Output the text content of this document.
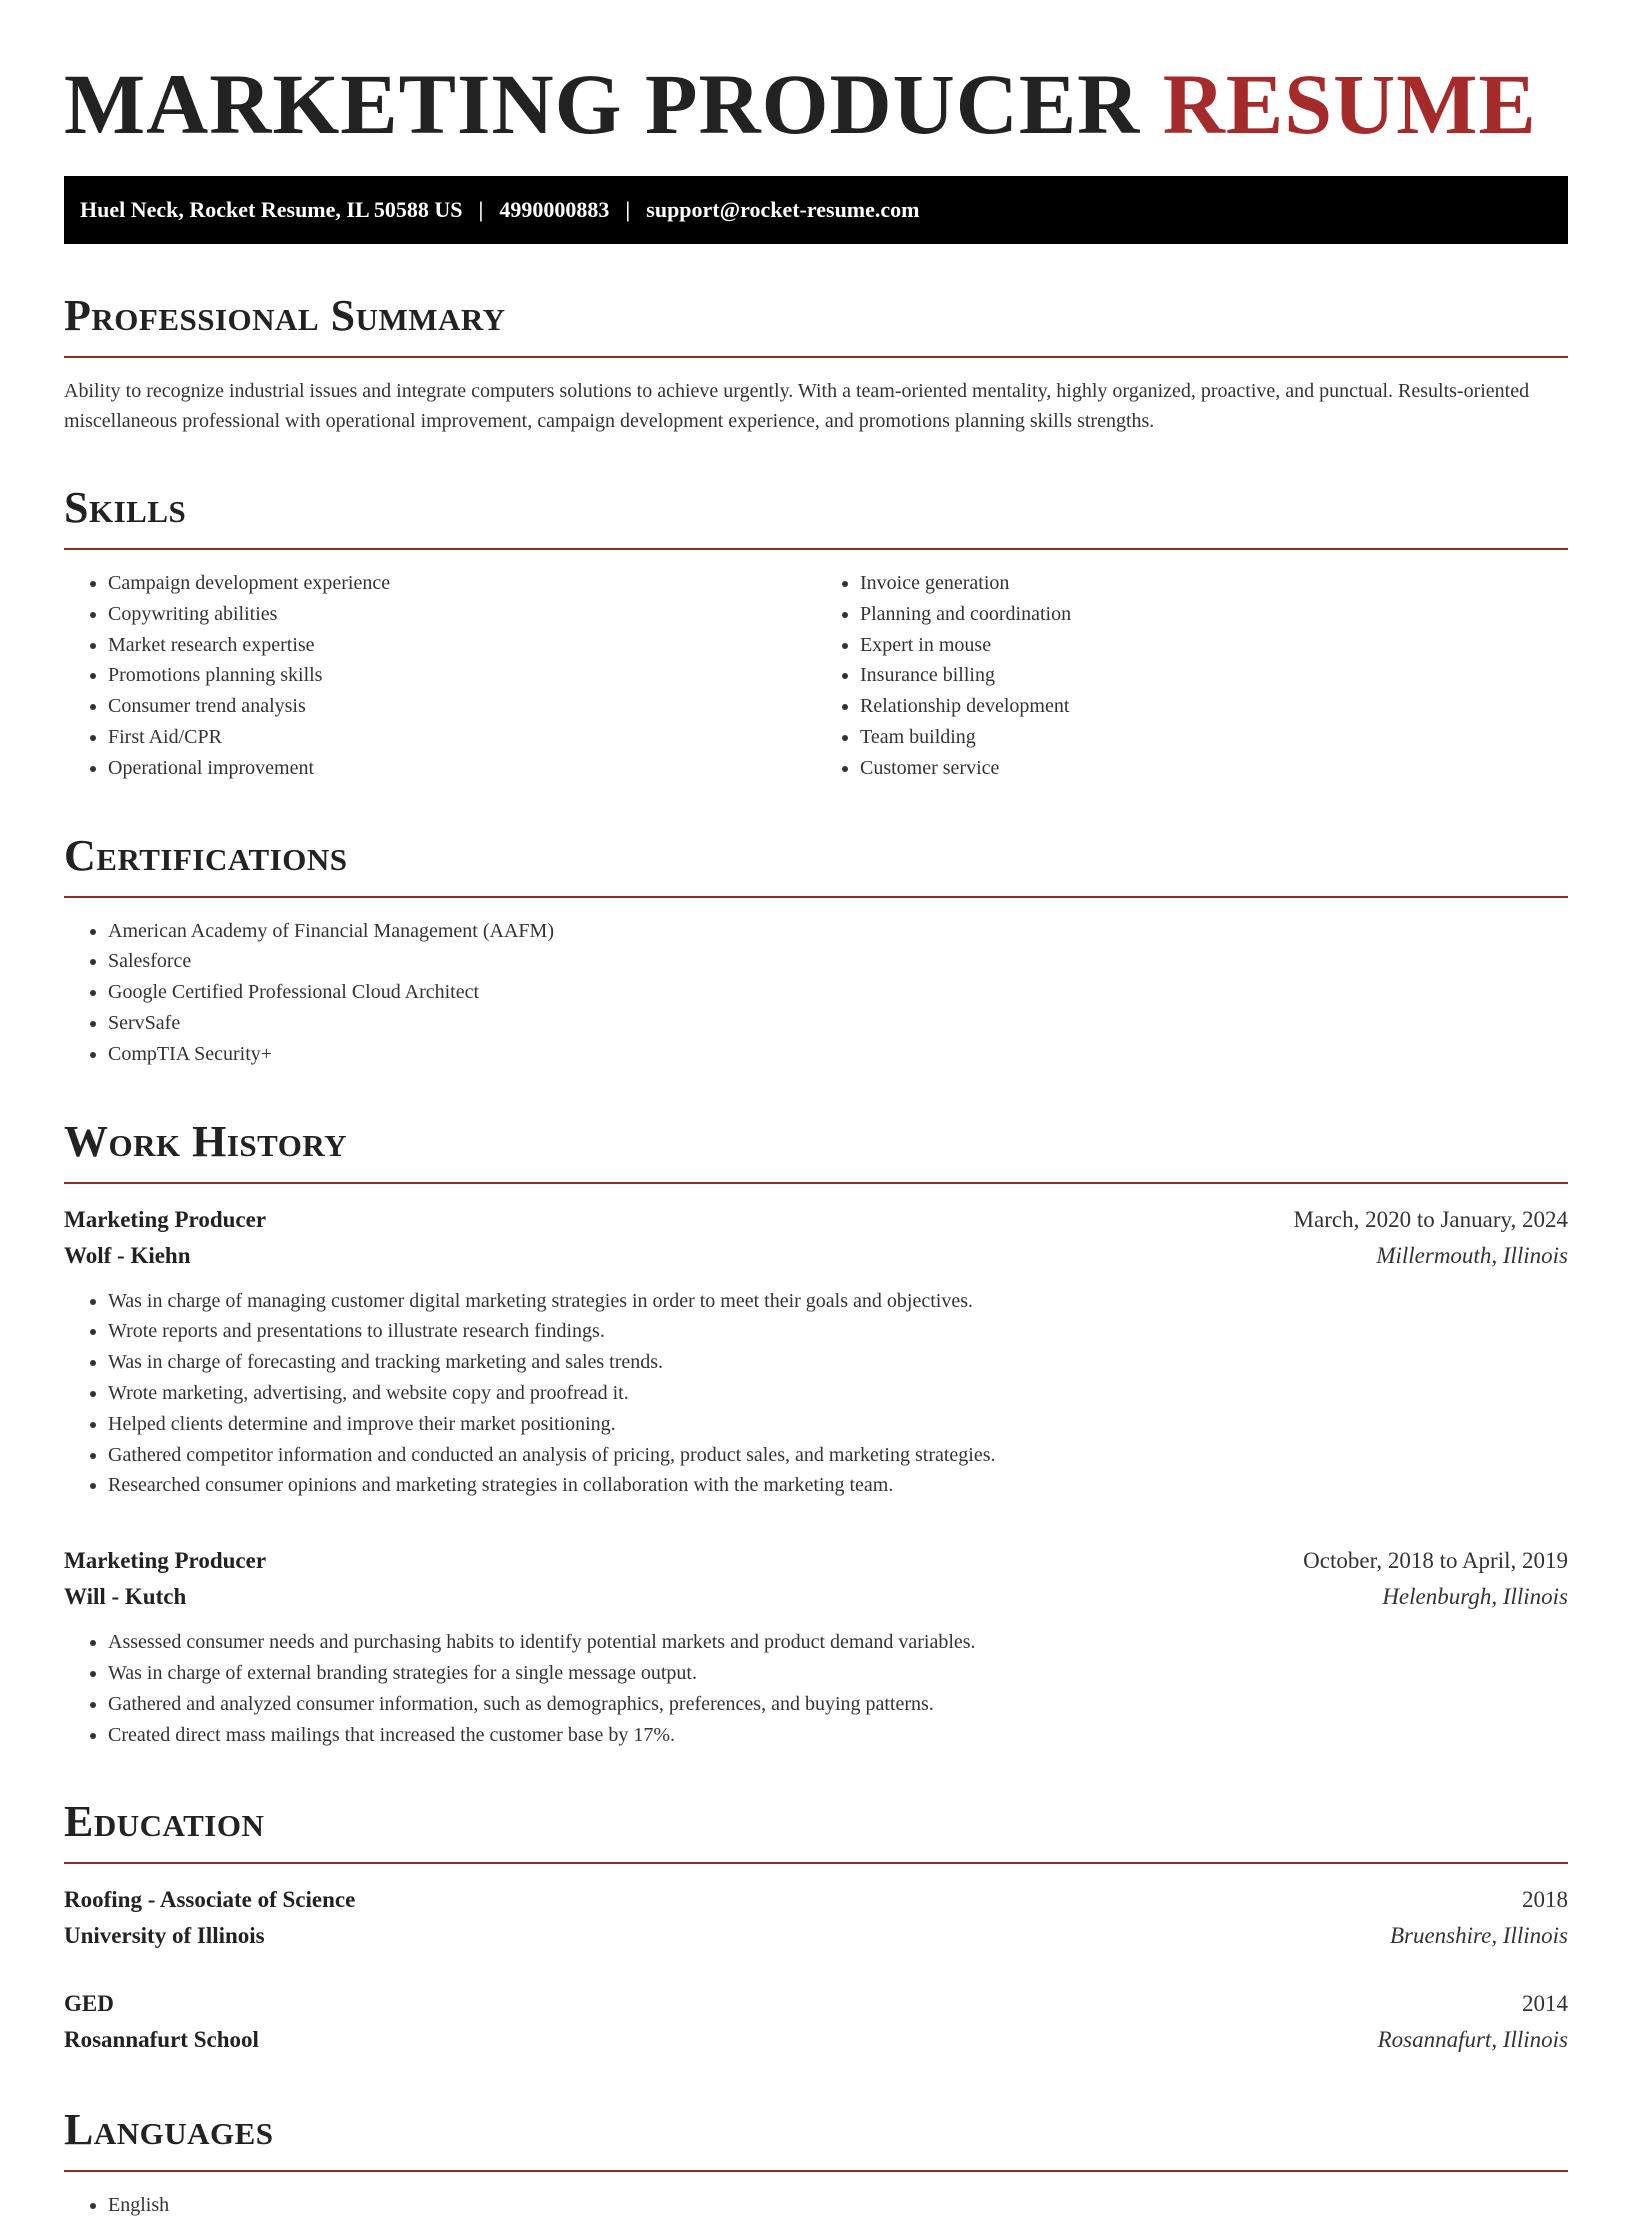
MARKETING PRODUCER RESUME
Huel Neck, Rocket Resume, IL 50588 US | 4990000883 | support@rocket-resume.com
Professional Summary

Ability to recognize industrial issues and integrate computers solutions to achieve urgently. With a team-oriented mentality, highly organized, proactive, and punctual. Results-oriented miscellaneous professional with operational improvement, campaign development experience, and promotions planning skills strengths.

Skills
• Campaign development experience
• Copywriting abilities
• Market research expertise
• Promotions planning skills
• Consumer trend analysis
• First Aid/CPR
• Operational improvement
• Invoice generation
• Planning and coordination
• Expert in mouse
• Insurance billing
• Relationship development
• Team building
• Customer service
Certifications
• American Academy of Financial Management (AAFM)
• Salesforce
• Google Certified Professional Cloud Architect
• ServSafe
• CompTIA Security+
Work History
Marketing Producer	March, 2020 to January, 2024
Wolf - Kiehn	Millermouth, Illinois
• Was in charge of managing customer digital marketing strategies in order to meet their goals and objectives.
• Wrote reports and presentations to illustrate research findings.
• Was in charge of forecasting and tracking marketing and sales trends.
• Wrote marketing, advertising, and website copy and proofread it.
• Helped clients determine and improve their market positioning.
• Gathered competitor information and conducted an analysis of pricing, product sales, and marketing strategies.
• Researched consumer opinions and marketing strategies in collaboration with the marketing team.
Marketing Producer	October, 2018 to April, 2019
Will - Kutch	Helenburgh, Illinois
• Assessed consumer needs and purchasing habits to identify potential markets and product demand variables.
• Was in charge of external branding strategies for a single message output.
• Gathered and analyzed consumer information, such as demographics, preferences, and buying patterns.
• Created direct mass mailings that increased the customer base by 17%.
Education
Roofing - Associate of Science	2018
University of Illinois	Bruenshire, Illinois
GED	2014
Rosannafurt School	Rosannafurt, Illinois
Languages
• English
